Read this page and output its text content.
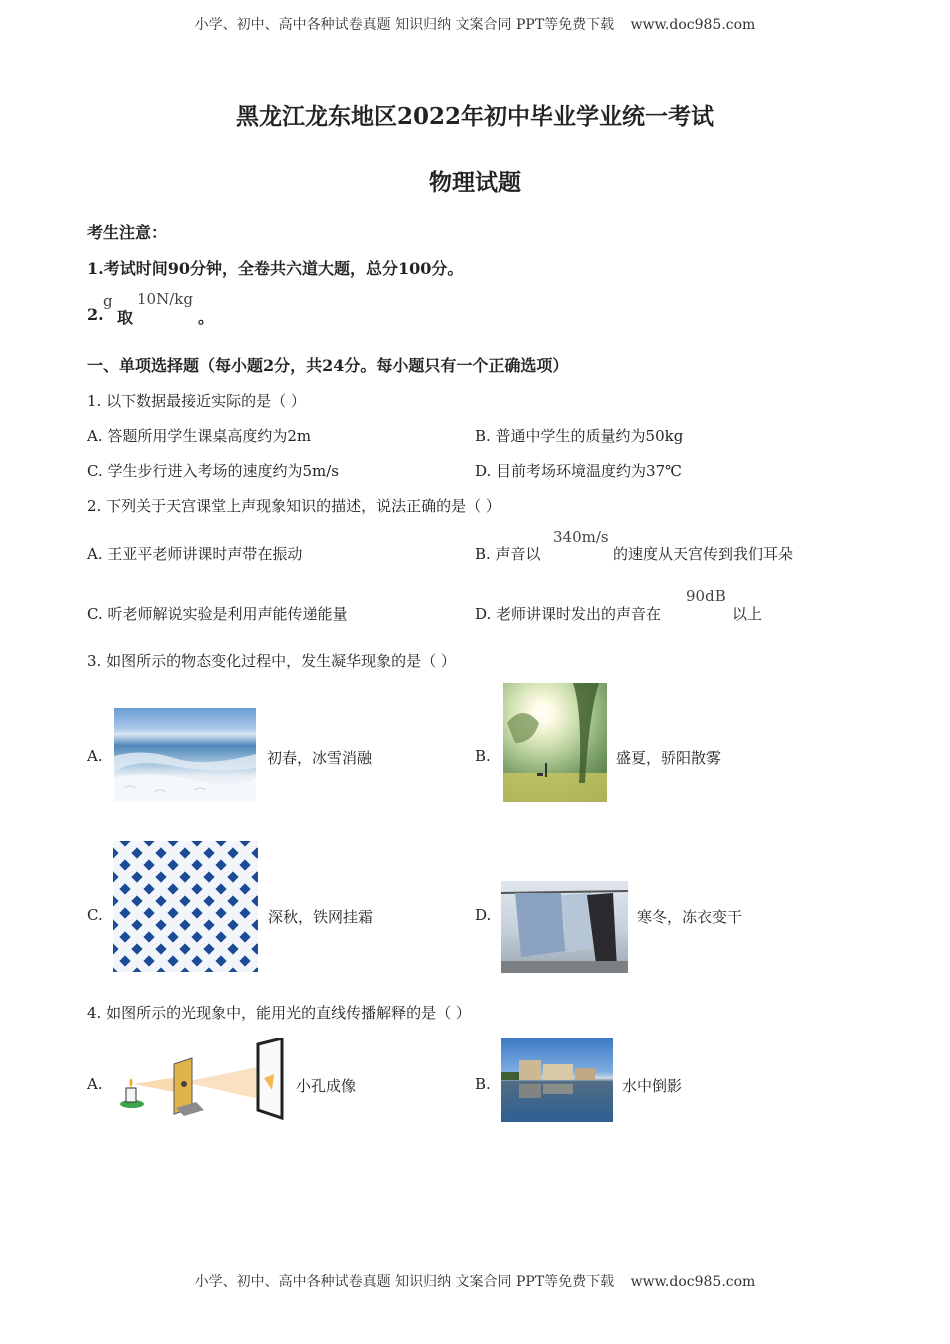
小学、初中、高中各种试卷真题 知识归纳 文案合同 PPT等免费下载 www.doc985.com
黑龙江龙东地区2022年初中毕业学业统一考试
物理试题
考生注意：
1.考试时间90分钟，全卷共六道大题，总分100分。
2.
g
取
10N/kg
。
一、单项选择题（每小题2分，共24分。每小题只有一个正确选项）
1. 以下数据最接近实际的是（ ）
A. 答题所用学生课桌高度约为2m	B. 普通中学生的质量约为50kg
C. 学生步行进入考场的速度约为5m/s	D. 目前考场环境温度约为37℃
2. 下列关于天宫课堂上声现象知识的描述，说法正确的是（ ）
A. 王亚平老师讲课时声带在振动	B. 声音以
340m/s
的速度从天宫传到我们耳朵
C. 听老师解说实验是利用声能传递能量	D. 老师讲课时发出的声音在
90dB
以上
3. 如图所示的物态变化过程中，发生凝华现象的是（ ）
A.	初春，冰雪消融	B.	盛夏，骄阳散雾
C.	深秋，铁网挂霜	D.	寒冬，冻衣变干
4. 如图所示的光现象中，能用光的直线传播解释的是（ ）
A.	小孔成像	B.	水中倒影
小学、初中、高中各种试卷真题 知识归纳 文案合同 PPT等免费下载 www.doc985.com
